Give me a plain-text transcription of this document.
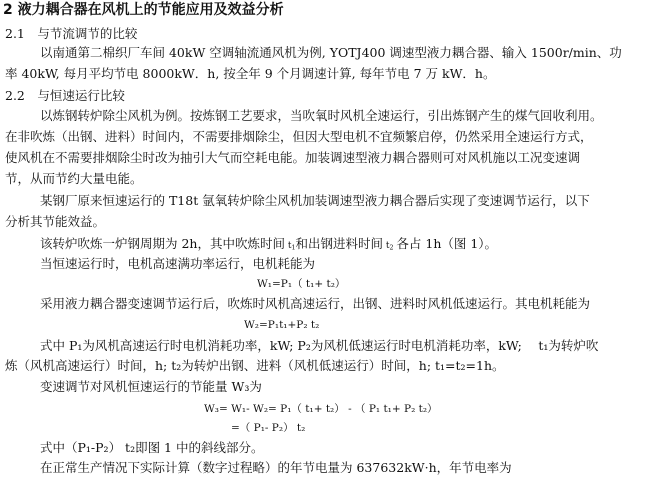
2 液力耦合器在风机上的节能应用及效益分析
2.1　与节流调节的比较
以南通第二棉织厂车间 40kW 空调轴流通风机为例, YOTJ400 调速型液力耦合器、输入 1500r/min、功
率 40kW, 每月平均节电 8000kW．h, 按全年 9 个月调速计算, 每年节电 7 万 kW．h。
2.2　与恒速运行比较
以炼钢转炉除尘风机为例。按炼钢工艺要求，当吹氧时风机全速运行，引出炼钢产生的煤气回收利用。
在非吹炼（出钢、进料）时间内，不需要排烟除尘，但因大型电机不宜频繁启停，仍然采用全速运行方式，
使风机在不需要排烟除尘时改为抽引大气而空耗电能。加装调速型液力耦合器则可对风机施以工况变速调
节，从而节约大量电能。
某钢厂原来恒速运行的 T18t 氩氧转炉除尘风机加装调速型液力耦合器后实现了变速调节运行，以下
分析其节能效益。
该转炉吹炼一炉钢周期为 2h，其中吹炼时间 $t_1$和出钢进料时间 $t_2$ 各占 1h（图 1）。
当恒速运行时，电机高速满功率运行，电机耗能为
W₁=P₁（ t₁+ t₂）
采用液力耦合器变速调节运行后，吹炼时风机高速运行，出钢、进料时风机低速运行。其电机耗能为
W₂=P₁t₁+P₂ t₂
式中 P₁为风机高速运行时电机消耗功率，kW; P₂为风机低速运行时电机消耗功率，kW;　 t₁为转炉吹
炼（风机高速运行）时间，h; t₂为转炉出钢、进料（风机低速运行）时间，h; t₁=t₂=1h。
变速调节对风机恒速运行的节能量 W₃为
W₃= W₁- W₂= P₁（ t₁+ t₂） - （ P₁ t₁+ P₂ t₂）
=（ P₁- P₂） t₂
式中（P₁-P₂） t₂即图 1 中的斜线部分。
在正常生产情况下实际计算（数字过程略）的年节电量为 637632kW·h，年节电率为
